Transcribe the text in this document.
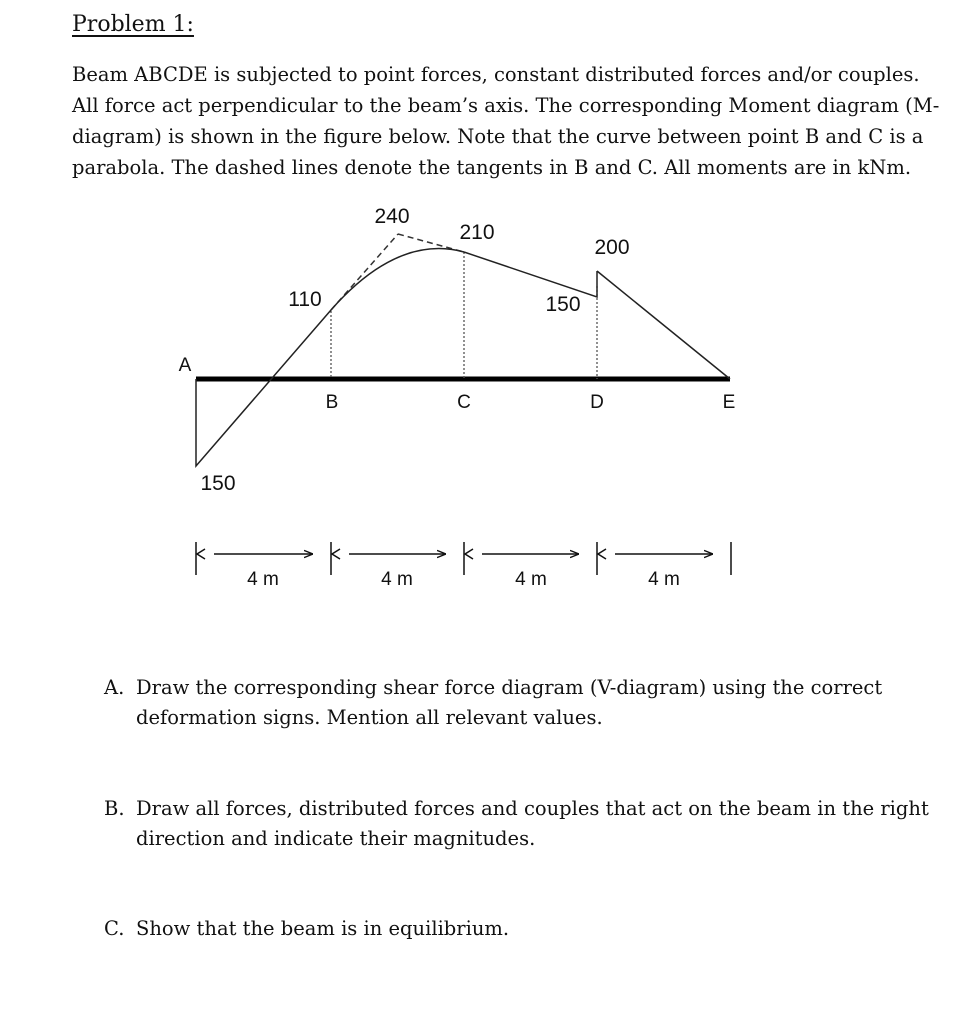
Problem 1:

Beam ABCDE is subjected to point forces, constant distributed forces and/or couples.

All force act perpendicular to the beam’s axis. The corresponding Moment diagram (M-

diagram) is shown in the figure below. Note that the curve between point B and C is a

parabola. The dashed lines denote the tangents in B and C. All moments are in kNm.

A
B	C	D	E
150
110
240
210
150
200
4 m	4 m	4 m	4 m
A. Draw the corresponding shear force diagram (V-diagram) using the correct
deformation signs. Mention all relevant values.
B. Draw all forces, distributed forces and couples that act on the beam in the right
direction and indicate their magnitudes.
C. Show that the beam is in equilibrium.
